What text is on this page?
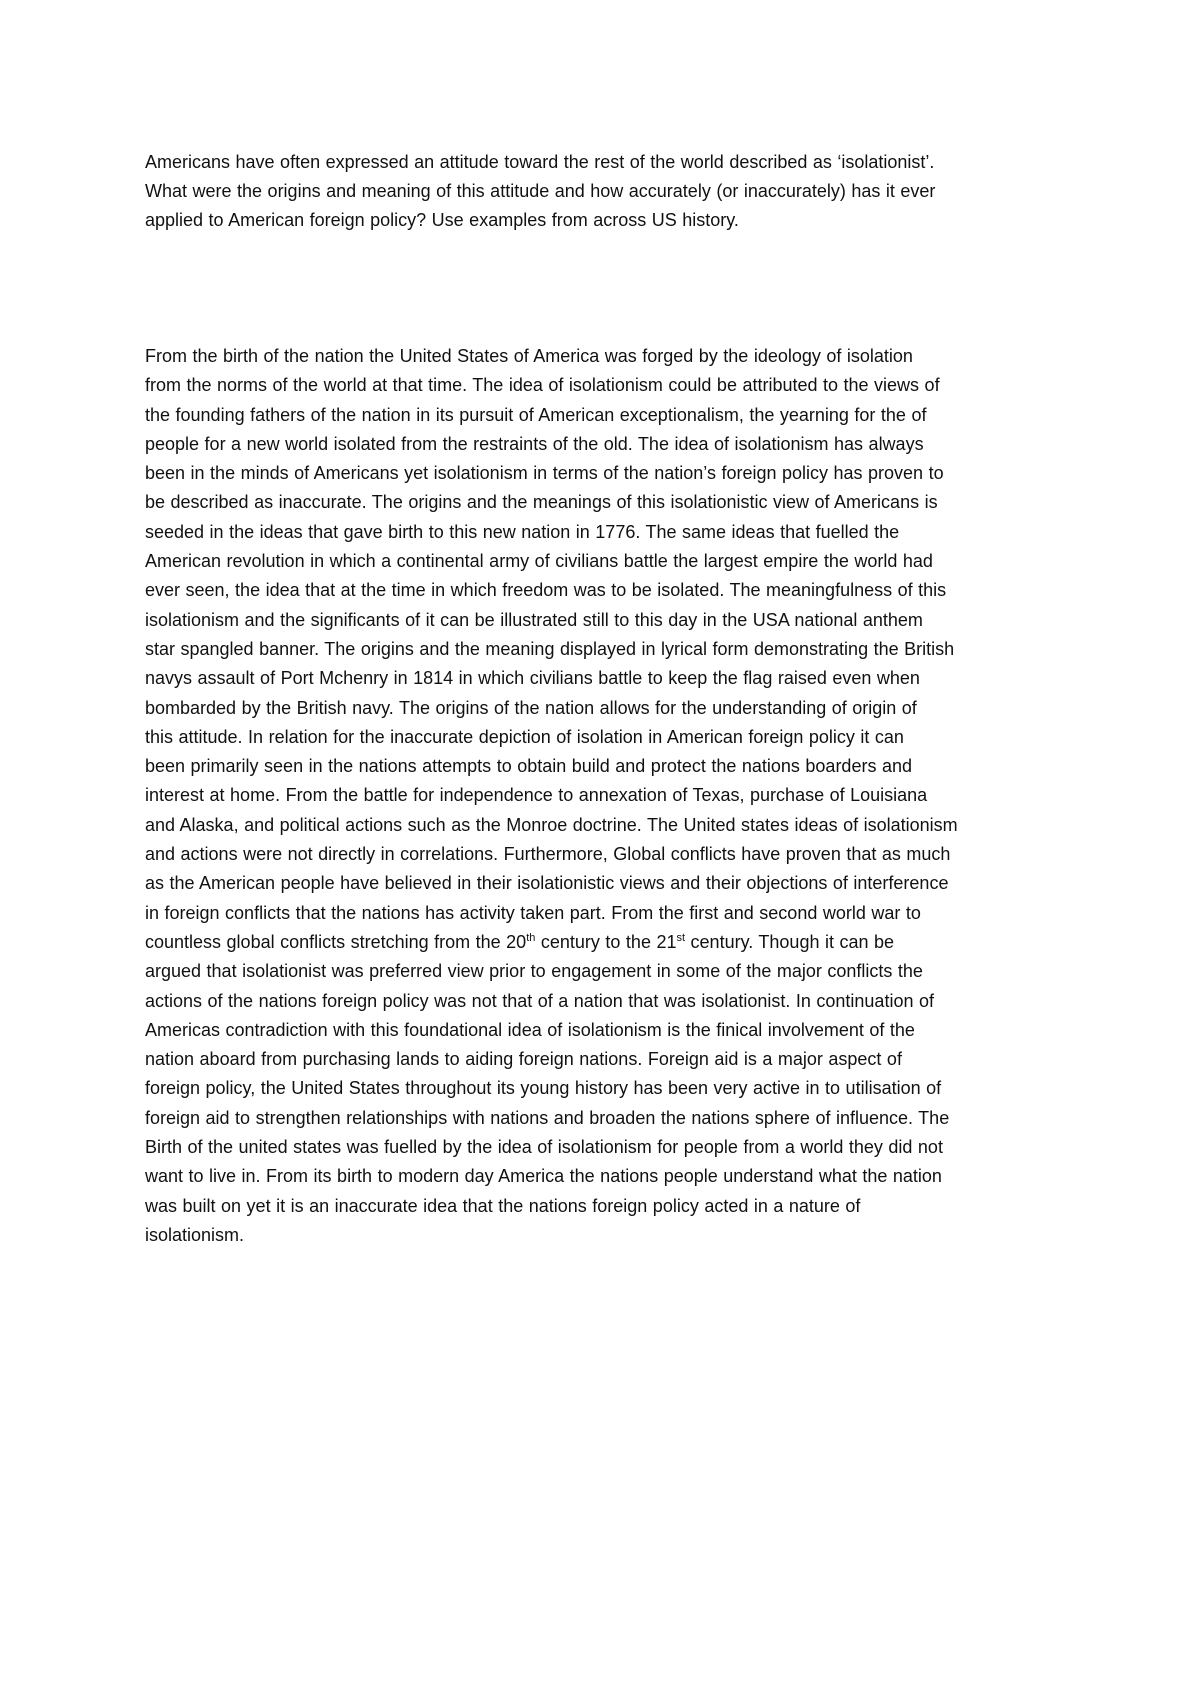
Americans have often expressed an attitude toward the rest of the world described as ‘isolationist’.

What were the origins and meaning of this attitude and how accurately (or inaccurately) has it ever

applied to American foreign policy? Use examples from across US history.

From the birth of the nation the United States of America was forged by the ideology of isolation

from the norms of the world at that time. The idea of isolationism could be attributed to the views of

the founding fathers of the nation in its pursuit of American exceptionalism, the yearning for the of

people for a new world isolated from the restraints of the old. The idea of isolationism has always

been in the minds of Americans yet isolationism in terms of the nation’s foreign policy has proven to

be described as inaccurate. The origins and the meanings of this isolationistic view of Americans is

seeded in the ideas that gave birth to this new nation in 1776. The same ideas that fuelled the

American revolution in which a continental army of civilians battle the largest empire the world had

ever seen, the idea that at the time in which freedom was to be isolated. The meaningfulness of this

isolationism and the significants of it can be illustrated still to this day in the USA national anthem

star spangled banner. The origins and the meaning displayed in lyrical form demonstrating the British

navys assault of Port Mchenry in 1814 in which civilians battle to keep the flag raised even when

bombarded by the British navy. The origins of the nation allows for the understanding of origin of

this attitude. In relation for the inaccurate depiction of isolation in American foreign policy it can

been primarily seen in the nations attempts to obtain build and protect the nations boarders and

interest at home. From the battle for independence to annexation of Texas, purchase of Louisiana

and Alaska, and political actions such as the Monroe doctrine. The United states ideas of isolationism

and actions were not directly in correlations. Furthermore, Global conflicts have proven that as much

as the American people have believed in their isolationistic views and their objections of interference

in foreign conflicts that the nations has activity taken part. From the first and second world war to

countless global conflicts stretching from the 20th century to the 21st century. Though it can be

argued that isolationist was preferred view prior to engagement in some of the major conflicts the

actions of the nations foreign policy was not that of a nation that was isolationist. In continuation of

Americas contradiction with this foundational idea of isolationism is the finical involvement of the

nation aboard from purchasing lands to aiding foreign nations. Foreign aid is a major aspect of

foreign policy, the United States throughout its young history has been very active in to utilisation of

foreign aid to strengthen relationships with nations and broaden the nations sphere of influence. The

Birth of the united states was fuelled by the idea of isolationism for people from a world they did not

want to live in. From its birth to modern day America the nations people understand what the nation

was built on yet it is an inaccurate idea that the nations foreign policy acted in a nature of

isolationism.
